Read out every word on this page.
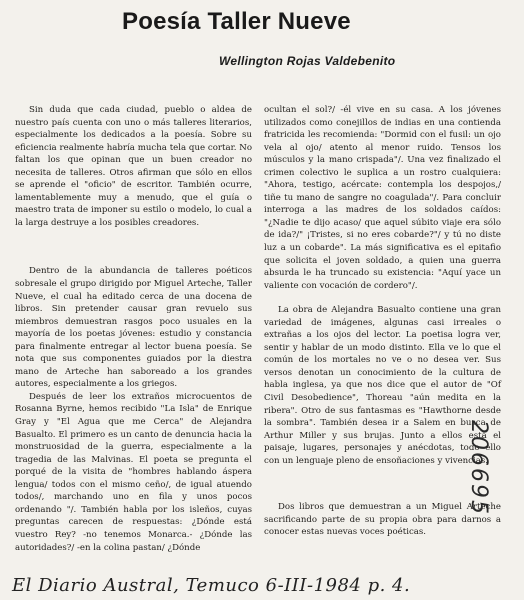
Poesía Taller Nueve
Wellington Rojas Valdebenito

Sin duda que cada ciudad, pueblo o aldea de nuestro país cuenta con uno o más talleres literarios, especialmente los dedicados a la poesía. Sobre su eficiencia realmente habría mucha tela que cortar. No faltan los que opinan que un buen creador no necesita de talleres. Otros afirman que sólo en ellos se aprende el "oficio" de escritor. También ocurre, lamentablemente muy a menudo, que el guía o maestro trata de imponer su estilo o modelo, lo cual a la larga destruye a los posibles creadores.

Dentro de la abundancia de talleres poéticos sobresale el grupo dirigido por Miguel Arteche, Taller Nueve, el cual ha editado cerca de una docena de libros. Sin pretender causar gran revuelo sus miembros demuestran rasgos poco usuales en la mayoría de los poetas jóvenes: estudio y constancia para finalmente entregar al lector buena poesía. Se nota que sus componentes guiados por la diestra mano de Arteche han saboreado a los grandes autores, especialmente a los griegos.

Después de leer los extraños microcuentos de Rosanna Byrne, hemos recibido "La Isla" de Enrique Gray y "El Agua que me Cerca" de Alejandra Basualto. El primero es un canto de denuncia hacia la monstruosidad de la guerra, especialmente a la tragedia de las Malvinas. El poeta se pregunta el porqué de la visita de "hombres hablando áspera lengua/ todos con el mismo ceño/, de igual atuendo todos/, marchando uno en fila y unos pocos ordenando "/. También habla por los isleños, cuyas preguntas carecen de respuestas: ¿Dónde está vuestro Rey? -no tenemos Monarca.- ¿Dónde las autoridades?/ -en la colina pastan/ ¿Dónde

ocultan el sol?/ -él vive en su casa. A los jóvenes utilizados como conejillos de indias en una contienda fratricida les recomienda: "Dormid con el fusil: un ojo vela al ojo/ atento al menor ruido. Tensos los músculos y la mano crispada"/. Una vez finalizado el crimen colectivo le suplica a un rostro cualquiera: "Ahora, testigo, acércate: contempla los despojos,/ tiñe tu mano de sangre no coagulada"/. Para concluir interroga a las madres de los soldados caídos: "¿Nadie te dijo acaso/ que aquel súbito viaje era sólo de ida?/" ¡Tristes, si no eres cobarde?"/ y tú no diste luz a un cobarde". La más significativa es el epitafio que solicita el joven soldado, a quien una guerra absurda le ha truncado su existencia: "Aquí yace un valiente con vocación de cordero"/.

La obra de Alejandra Basualto contiene una gran variedad de imágenes, algunas casi irreales o extrañas a los ojos del lector. La poetisa logra ver, sentir y hablar de un modo distinto. Ella ve lo que el común de los mortales no ve o no desea ver. Sus versos denotan un conocimiento de la cultura de habla inglesa, ya que nos dice que el autor de "Of Civil Desobedience", Thoreau "aún medita en la ribera". Otro de sus fantasmas es "Hawthorne desde la sombra". También desea ir a Salem en busca de Arthur Miller y sus brujas. Junto a ellos está el paisaje, lugares, personajes y anécdotas, todo ello con un lenguaje pleno de ensoñaciones y vivencias.

Dos libros que demuestran a un Miguel Arteche sacrificando parte de su propia obra para darnos a conocer estas nuevas voces poéticas.

206695
El Diario Austral, Temuco 6-III-1984 p. 4.
